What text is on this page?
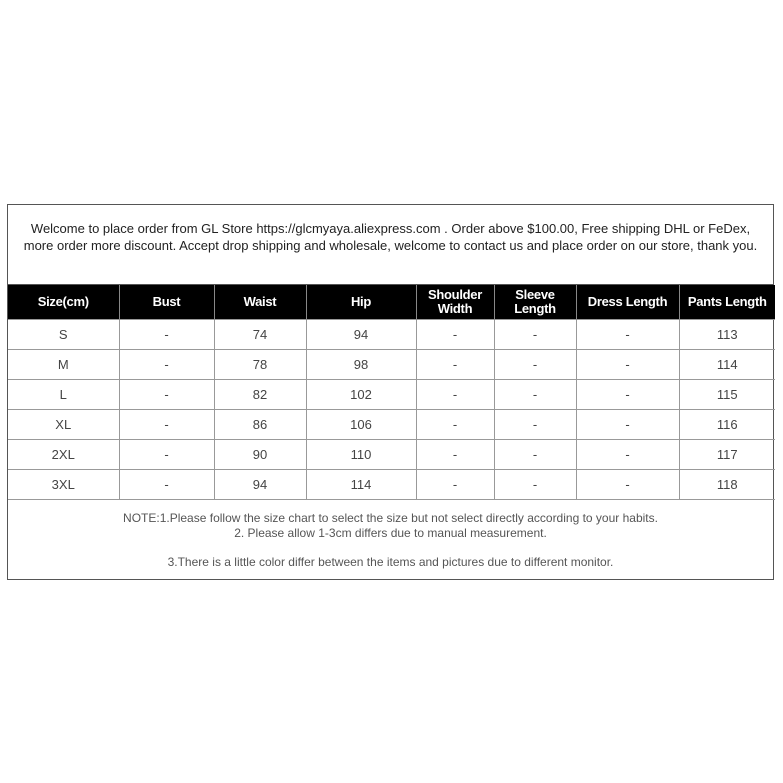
Welcome to place order from GL Store https://glcmyaya.aliexpress.com . Order above $100.00, Free shipping DHL or FeDex, more order more discount. Accept drop shipping and wholesale, welcome to contact us and place order on our store, thank you.
Size(cm)	Bust	Waist	Hip	Shoulder Width	Sleeve Length	Dress Length	Pants Length
S	-	74	94	-	-	-	113
M	-	78	98	-	-	-	114
L	-	82	102	-	-	-	115
XL	-	86	106	-	-	-	116
2XL	-	90	110	-	-	-	117
3XL	-	94	114	-	-	-	118
NOTE:1.Please follow the size chart to select the size but not select directly according to your habits.
2. Please allow 1-3cm differs due to manual measurement.
3.There is a little color differ between the items and pictures due to different monitor.
